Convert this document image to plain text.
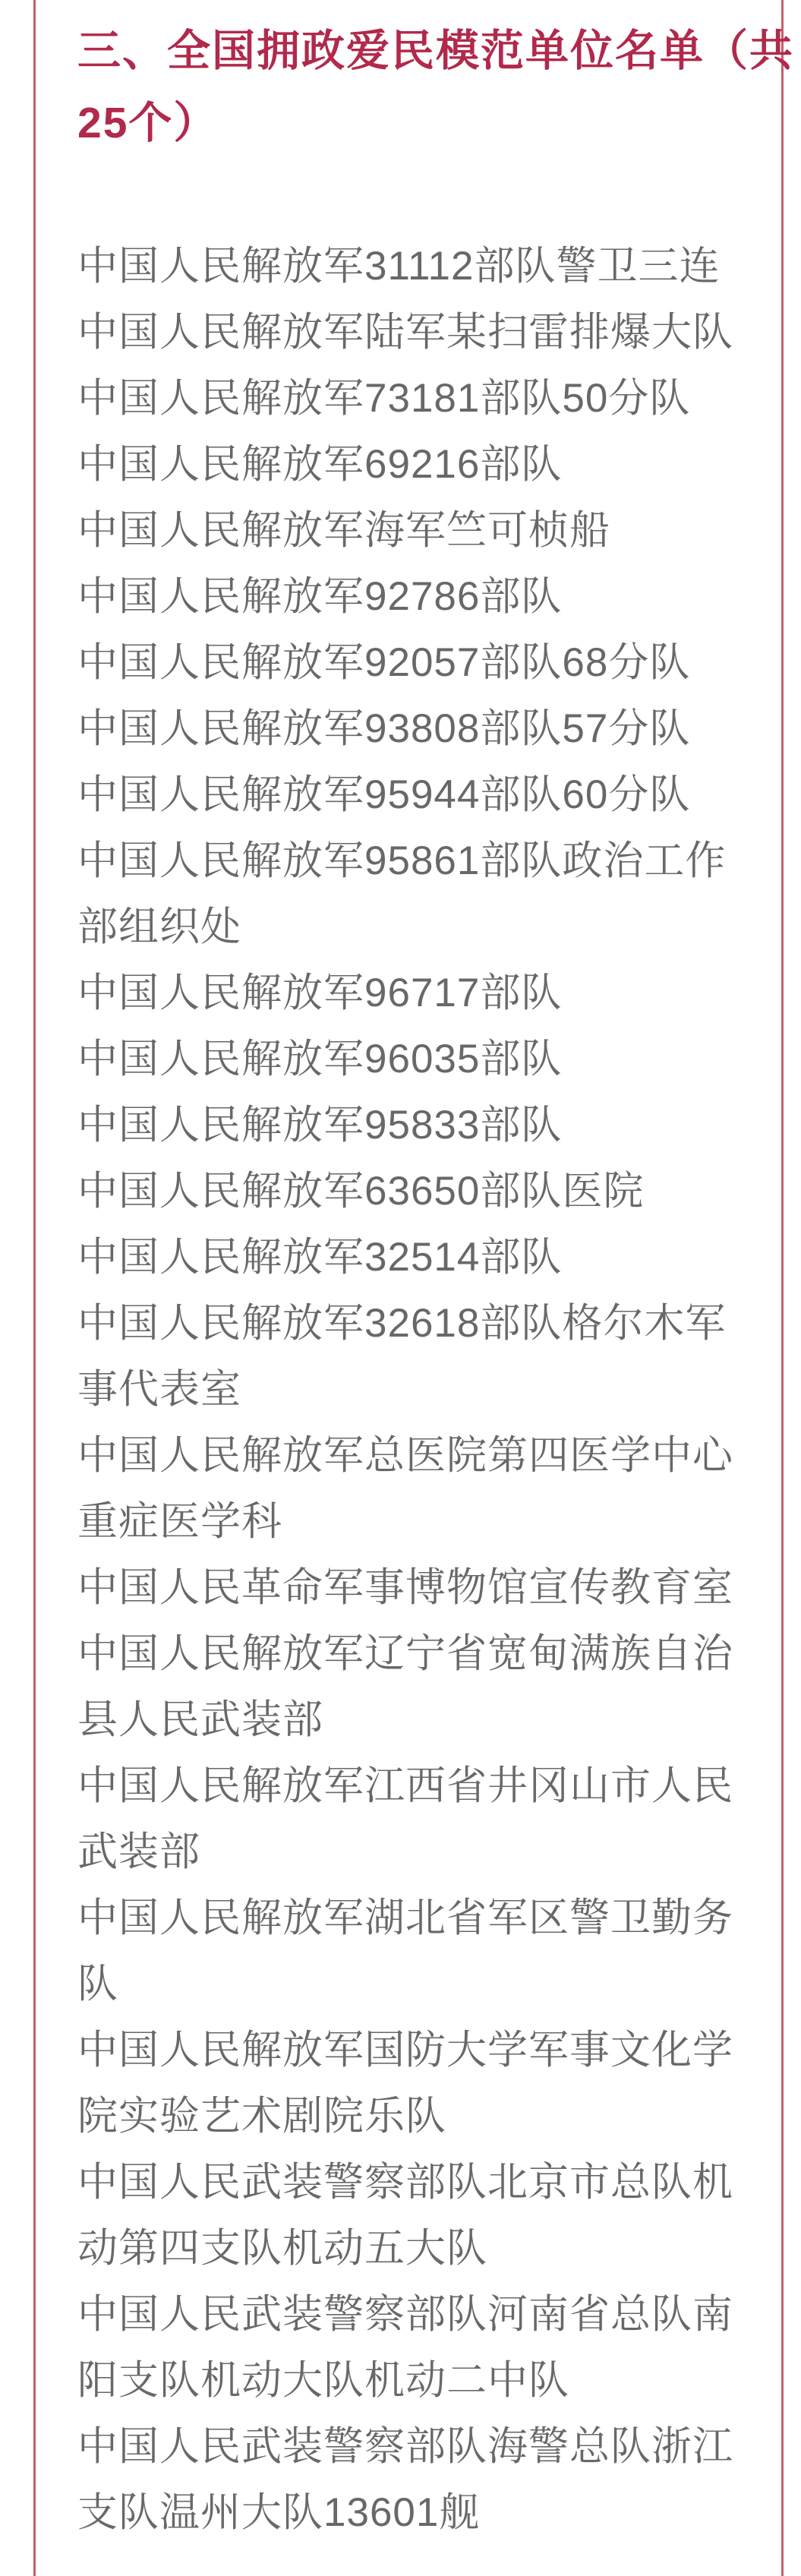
三、全国拥政爱民模范单位名单（共
25个）
中国人民解放军31112部队警卫三连
中国人民解放军陆军某扫雷排爆大队
中国人民解放军73181部队50分队
中国人民解放军69216部队
中国人民解放军海军竺可桢船
中国人民解放军92786部队
中国人民解放军92057部队68分队
中国人民解放军93808部队57分队
中国人民解放军95944部队60分队
中国人民解放军95861部队政治工作
部组织处
中国人民解放军96717部队
中国人民解放军96035部队
中国人民解放军95833部队
中国人民解放军63650部队医院
中国人民解放军32514部队
中国人民解放军32618部队格尔木军
事代表室
中国人民解放军总医院第四医学中心
重症医学科
中国人民革命军事博物馆宣传教育室
中国人民解放军辽宁省宽甸满族自治
县人民武装部
中国人民解放军江西省井冈山市人民
武装部
中国人民解放军湖北省军区警卫勤务
队
中国人民解放军国防大学军事文化学
院实验艺术剧院乐队
中国人民武装警察部队北京市总队机
动第四支队机动五大队
中国人民武装警察部队河南省总队南
阳支队机动大队机动二中队
中国人民武装警察部队海警总队浙江
支队温州大队13601舰
